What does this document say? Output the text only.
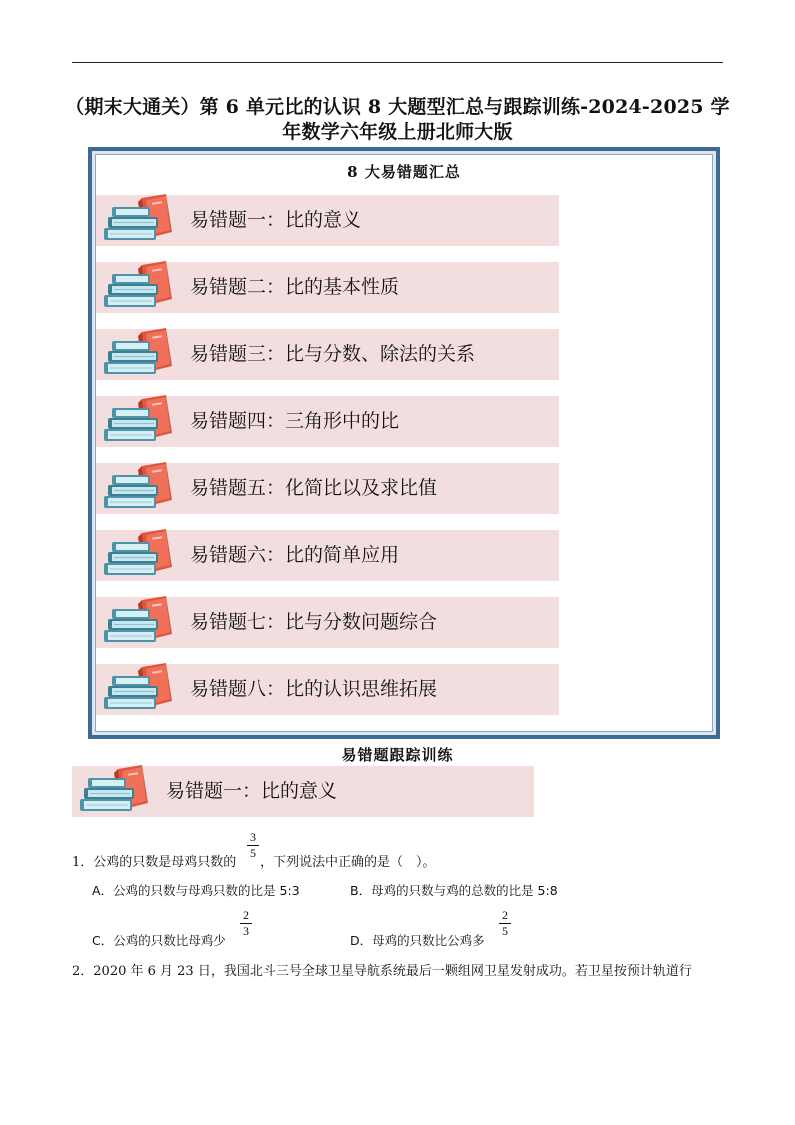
（期末大通关）第 6 单元比的认识 8 大题型汇总与跟踪训练-2024-2025 学
年数学六年级上册北师大版
8 大易错题汇总
易错题一：比的意义
易错题二：比的基本性质
易错题三：比与分数、除法的关系
易错题四：三角形中的比
易错题五：化简比以及求比值
易错题六：比的简单应用
易错题七：比与分数问题综合
易错题八：比的认识思维拓展
易错题跟踪训练
易错题一：比的意义
1．公鸡的只数是母鸡只数的
3
5
，下列说法中正确的是（　）。
A．公鸡的只数与母鸡只数的比是 5:3	B．母鸡的只数与鸡的总数的比是 5:8
C．公鸡的只数比母鸡少
2
3
D．母鸡的只数比公鸡多
2
5
2．2020 年 6 月 23 日，我国北斗三号全球卫星导航系统最后一颗组网卫星发射成功。若卫星按预计轨道行
